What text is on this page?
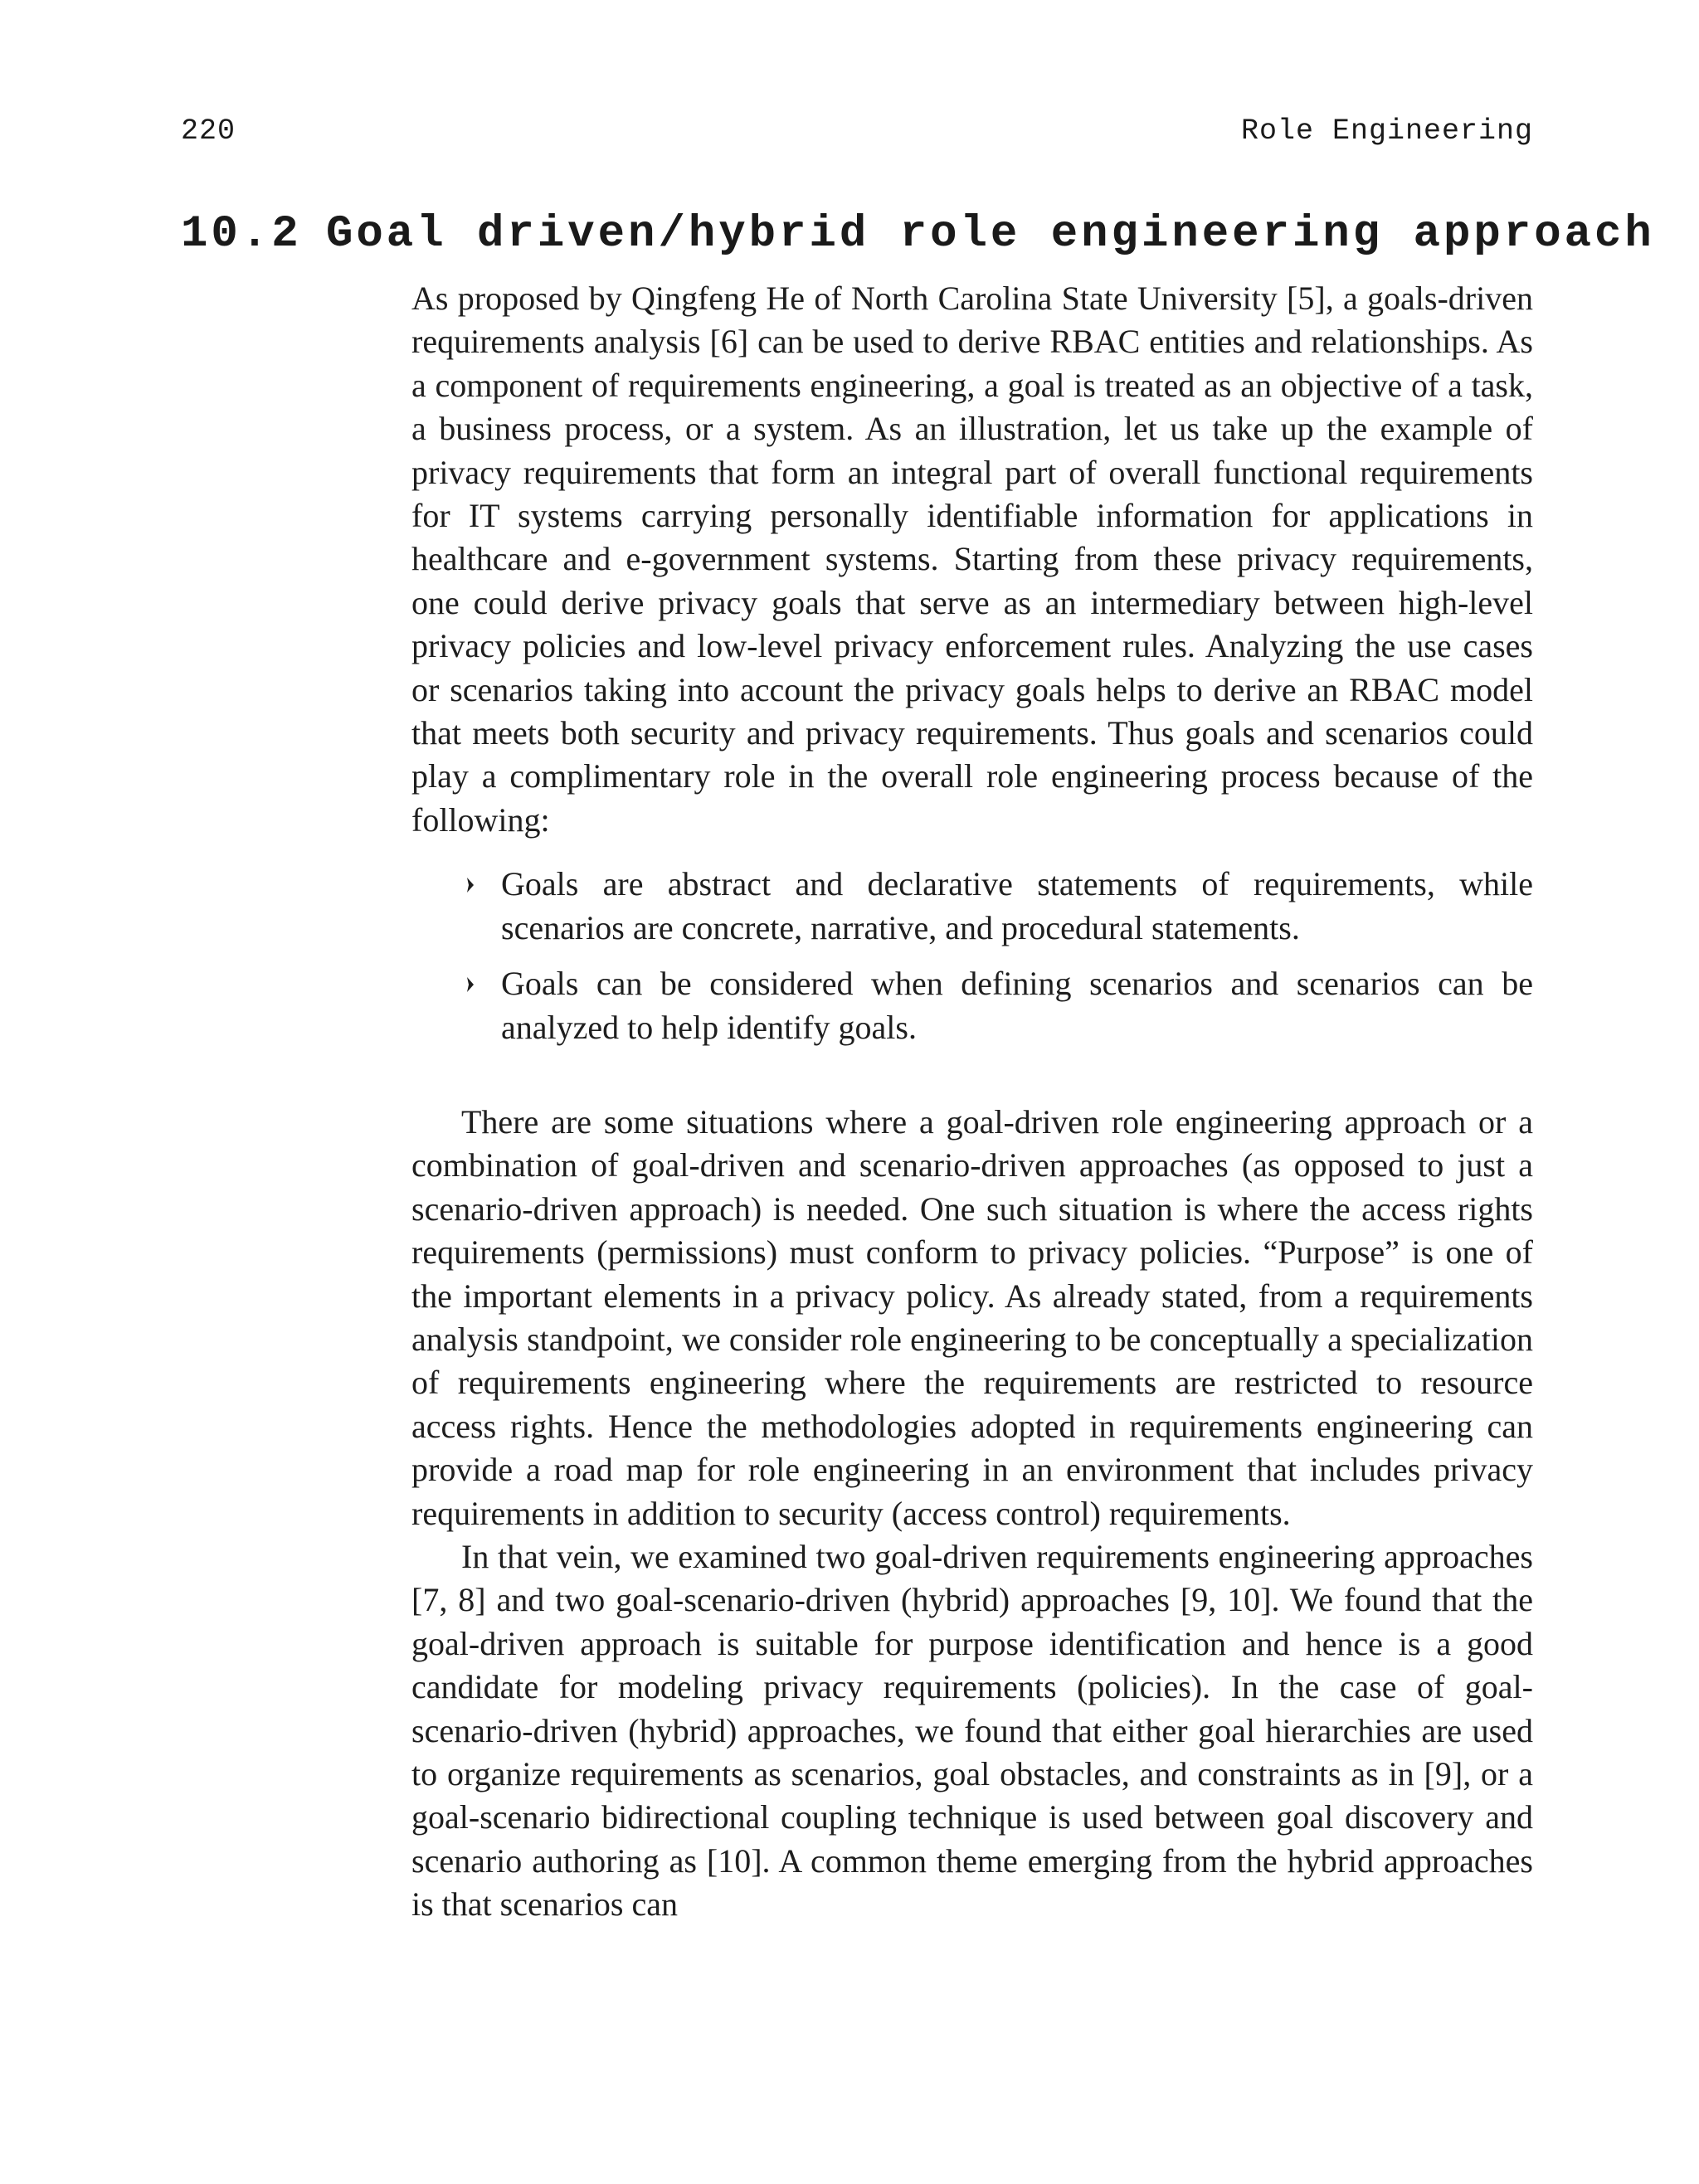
220	Role Engineering
10.2 Goal driven/hybrid role engineering approach

As proposed by Qingfeng He of North Carolina State University [5], a goals-driven requirements analysis [6] can be used to derive RBAC entities and relationships. As a component of requirements engineering, a goal is treated as an objective of a task, a business process, or a system. As an illustration, let us take up the example of privacy requirements that form an integral part of overall functional requirements for IT systems carrying personally identifiable information for applications in healthcare and e-government systems. Starting from these privacy requirements, one could derive privacy goals that serve as an intermediary between high-level privacy policies and low-level privacy enforcement rules. Analyzing the use cases or scenarios taking into account the privacy goals helps to derive an RBAC model that meets both security and privacy requirements. Thus goals and scenarios could play a complimentary role in the overall role engineering process because of the following:

Goals are abstract and declarative statements of requirements, while scenarios are concrete, narrative, and procedural statements.
Goals can be considered when defining scenarios and scenarios can be analyzed to help identify goals.

There are some situations where a goal-driven role engineering approach or a combination of goal-driven and scenario-driven approaches (as opposed to just a scenario-driven approach) is needed. One such situation is where the access rights requirements (permissions) must conform to privacy policies. “Purpose” is one of the important elements in a privacy policy. As already stated, from a requirements analysis standpoint, we consider role engineering to be conceptually a specialization of requirements engineering where the requirements are restricted to resource access rights. Hence the methodologies adopted in requirements engineering can provide a road map for role engineering in an environment that includes privacy requirements in addition to security (access control) requirements.

In that vein, we examined two goal-driven requirements engineering approaches [7, 8] and two goal-scenario-driven (hybrid) approaches [9, 10]. We found that the goal-driven approach is suitable for purpose identification and hence is a good candidate for modeling privacy requirements (policies). In the case of goal-scenario-driven (hybrid) approaches, we found that either goal hierarchies are used to organize requirements as scenarios, goal obstacles, and constraints as in [9], or a goal-scenario bidirectional coupling technique is used between goal discovery and scenario authoring as [10]. A common theme emerging from the hybrid approaches is that scenarios can
